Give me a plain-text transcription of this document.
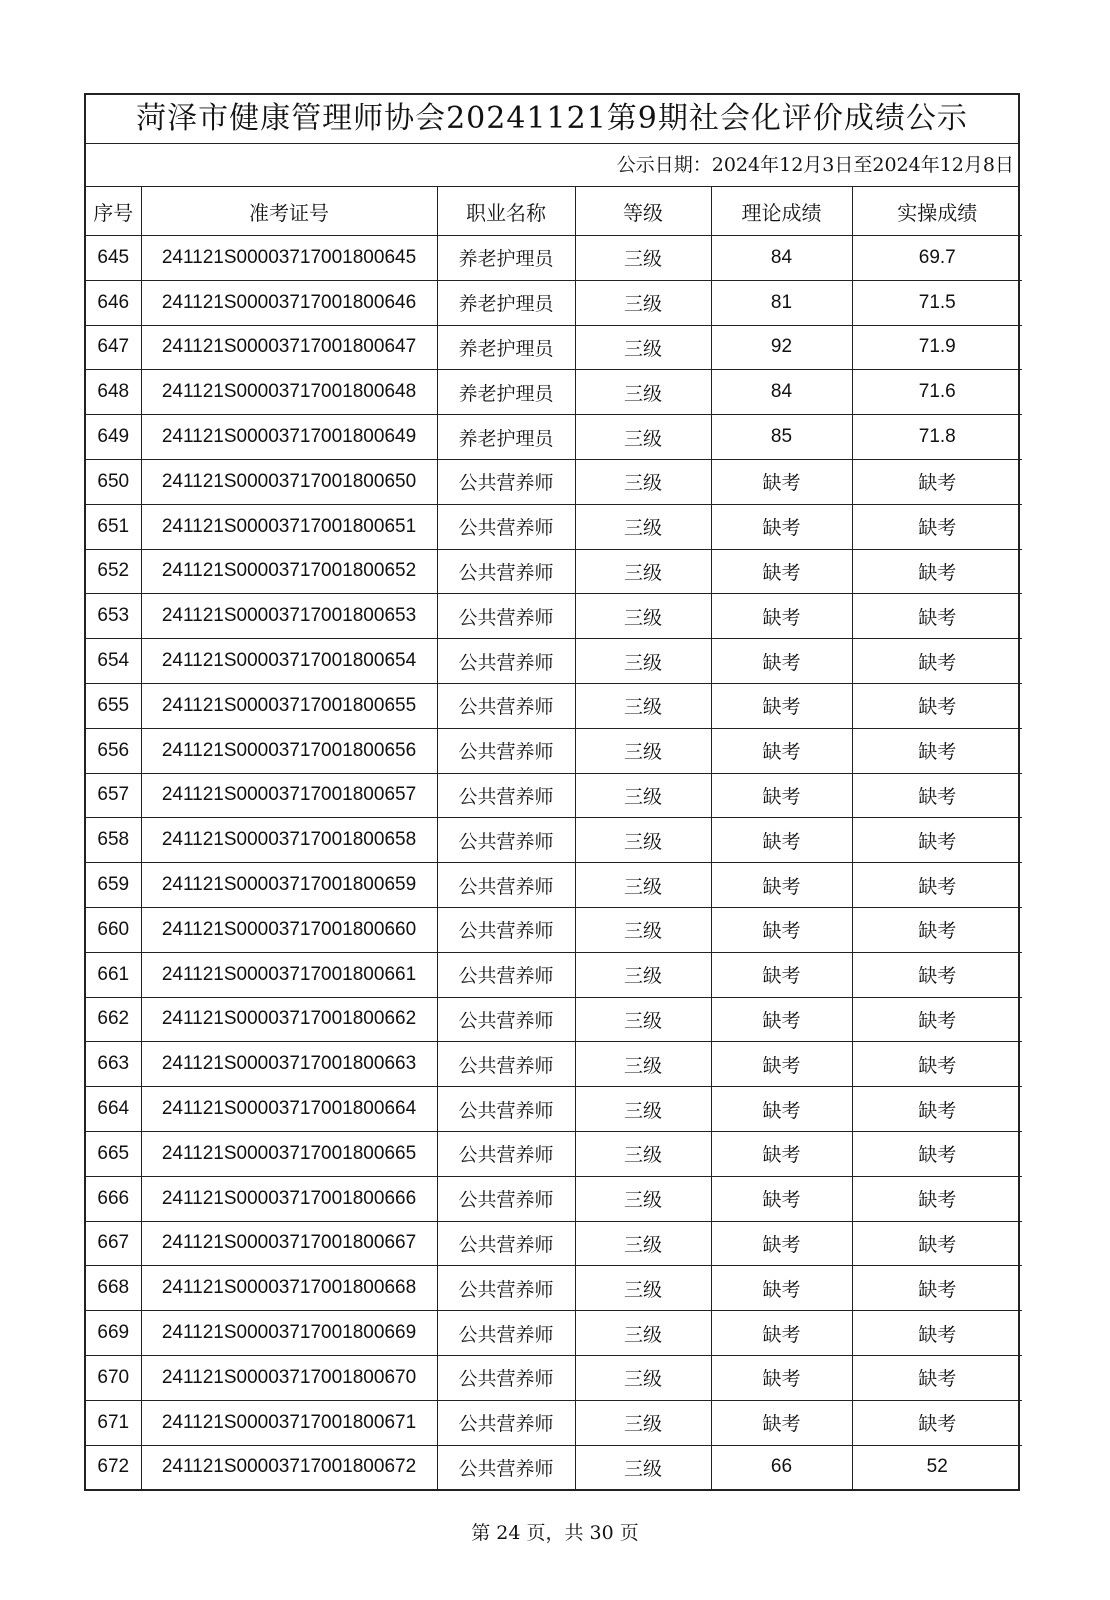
菏泽市健康管理师协会20241121第9期社会化评价成绩公示
公示日期：2024年12月3日至2024年12月8日
序号	准考证号	职业名称	等级	理论成绩	实操成绩
645	241121S00003717001800645	养老护理员	三级	84	69.7
646	241121S00003717001800646	养老护理员	三级	81	71.5
647	241121S00003717001800647	养老护理员	三级	92	71.9
648	241121S00003717001800648	养老护理员	三级	84	71.6
649	241121S00003717001800649	养老护理员	三级	85	71.8
650	241121S00003717001800650	公共营养师	三级	缺考	缺考
651	241121S00003717001800651	公共营养师	三级	缺考	缺考
652	241121S00003717001800652	公共营养师	三级	缺考	缺考
653	241121S00003717001800653	公共营养师	三级	缺考	缺考
654	241121S00003717001800654	公共营养师	三级	缺考	缺考
655	241121S00003717001800655	公共营养师	三级	缺考	缺考
656	241121S00003717001800656	公共营养师	三级	缺考	缺考
657	241121S00003717001800657	公共营养师	三级	缺考	缺考
658	241121S00003717001800658	公共营养师	三级	缺考	缺考
659	241121S00003717001800659	公共营养师	三级	缺考	缺考
660	241121S00003717001800660	公共营养师	三级	缺考	缺考
661	241121S00003717001800661	公共营养师	三级	缺考	缺考
662	241121S00003717001800662	公共营养师	三级	缺考	缺考
663	241121S00003717001800663	公共营养师	三级	缺考	缺考
664	241121S00003717001800664	公共营养师	三级	缺考	缺考
665	241121S00003717001800665	公共营养师	三级	缺考	缺考
666	241121S00003717001800666	公共营养师	三级	缺考	缺考
667	241121S00003717001800667	公共营养师	三级	缺考	缺考
668	241121S00003717001800668	公共营养师	三级	缺考	缺考
669	241121S00003717001800669	公共营养师	三级	缺考	缺考
670	241121S00003717001800670	公共营养师	三级	缺考	缺考
671	241121S00003717001800671	公共营养师	三级	缺考	缺考
672	241121S00003717001800672	公共营养师	三级	66	52
第 24 页，共 30 页
